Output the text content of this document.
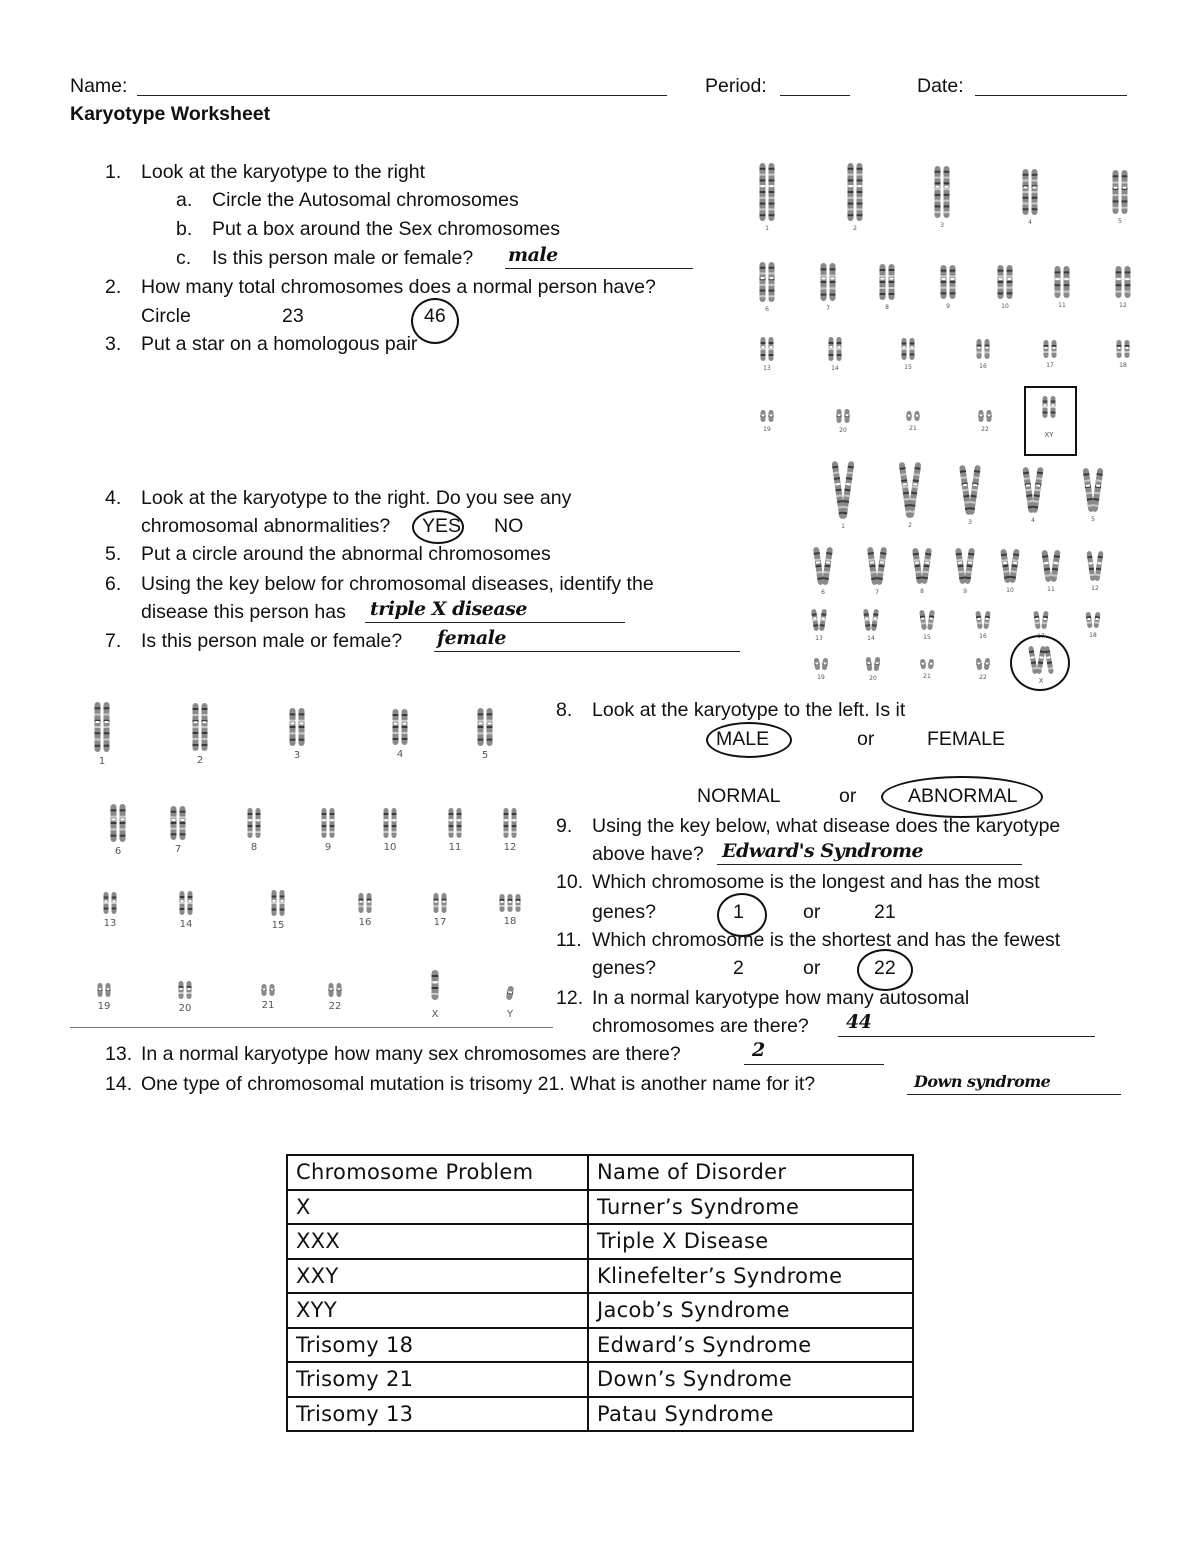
Name:	Period:	Date:
Karyotype Worksheet
1. Look at the karyotype to the right
a. Circle the Autosomal chromosomes
b. Put a box around the Sex chromosomes
c. Is this person male or female? male
2. How many total chromosomes does a normal person have?
Circle	23	46
3. Put a star on a homologous pair
1	2	3	4	5
6	7	8	9	10	11	12
13	14	15	16	17	18
19	20	21	22
XY
4. Look at the karyotype to the right. Do you see any
chromosomal abnormalities? YES NO
5. Put a circle around the abnormal chromosomes
6. Using the key below for chromosomal diseases, identify the
disease this person has triple X disease
7. Is this person male or female? female
1	2	3	4	5
6	7	8	9	10	11	12
13	14	15	16	17	18
19	20	21	22	X
1	2	3	4	5
6	7	8	9	10	11	12
13	14	15	16	17	18
19	20	21	22
X	Y
8. Look at the karyotype to the left. Is it
MALE	or	FEMALE
NORMAL	or	ABNORMAL
9. Using the key below, what disease does the karyotype
above have? Edward's Syndrome
10. Which chromosome is the longest and has the most
genes?	1	or	21
11. Which chromosome is the shortest and has the fewest
genes?	2	or	22
12. In a normal karyotype how many autosomal
chromosomes are there? 44
13. In a normal karyotype how many sex chromosomes are there?	2
14. One type of chromosomal mutation is trisomy 21. What is another name for it?	Down syndrome
Chromosome Problem	Name of Disorder
X	Turner’s Syndrome
XXX	Triple X Disease
XXY	Klinefelter’s Syndrome
XYY	Jacob’s Syndrome
Trisomy 18	Edward’s Syndrome
Trisomy 21	Down’s Syndrome
Trisomy 13	Patau Syndrome
